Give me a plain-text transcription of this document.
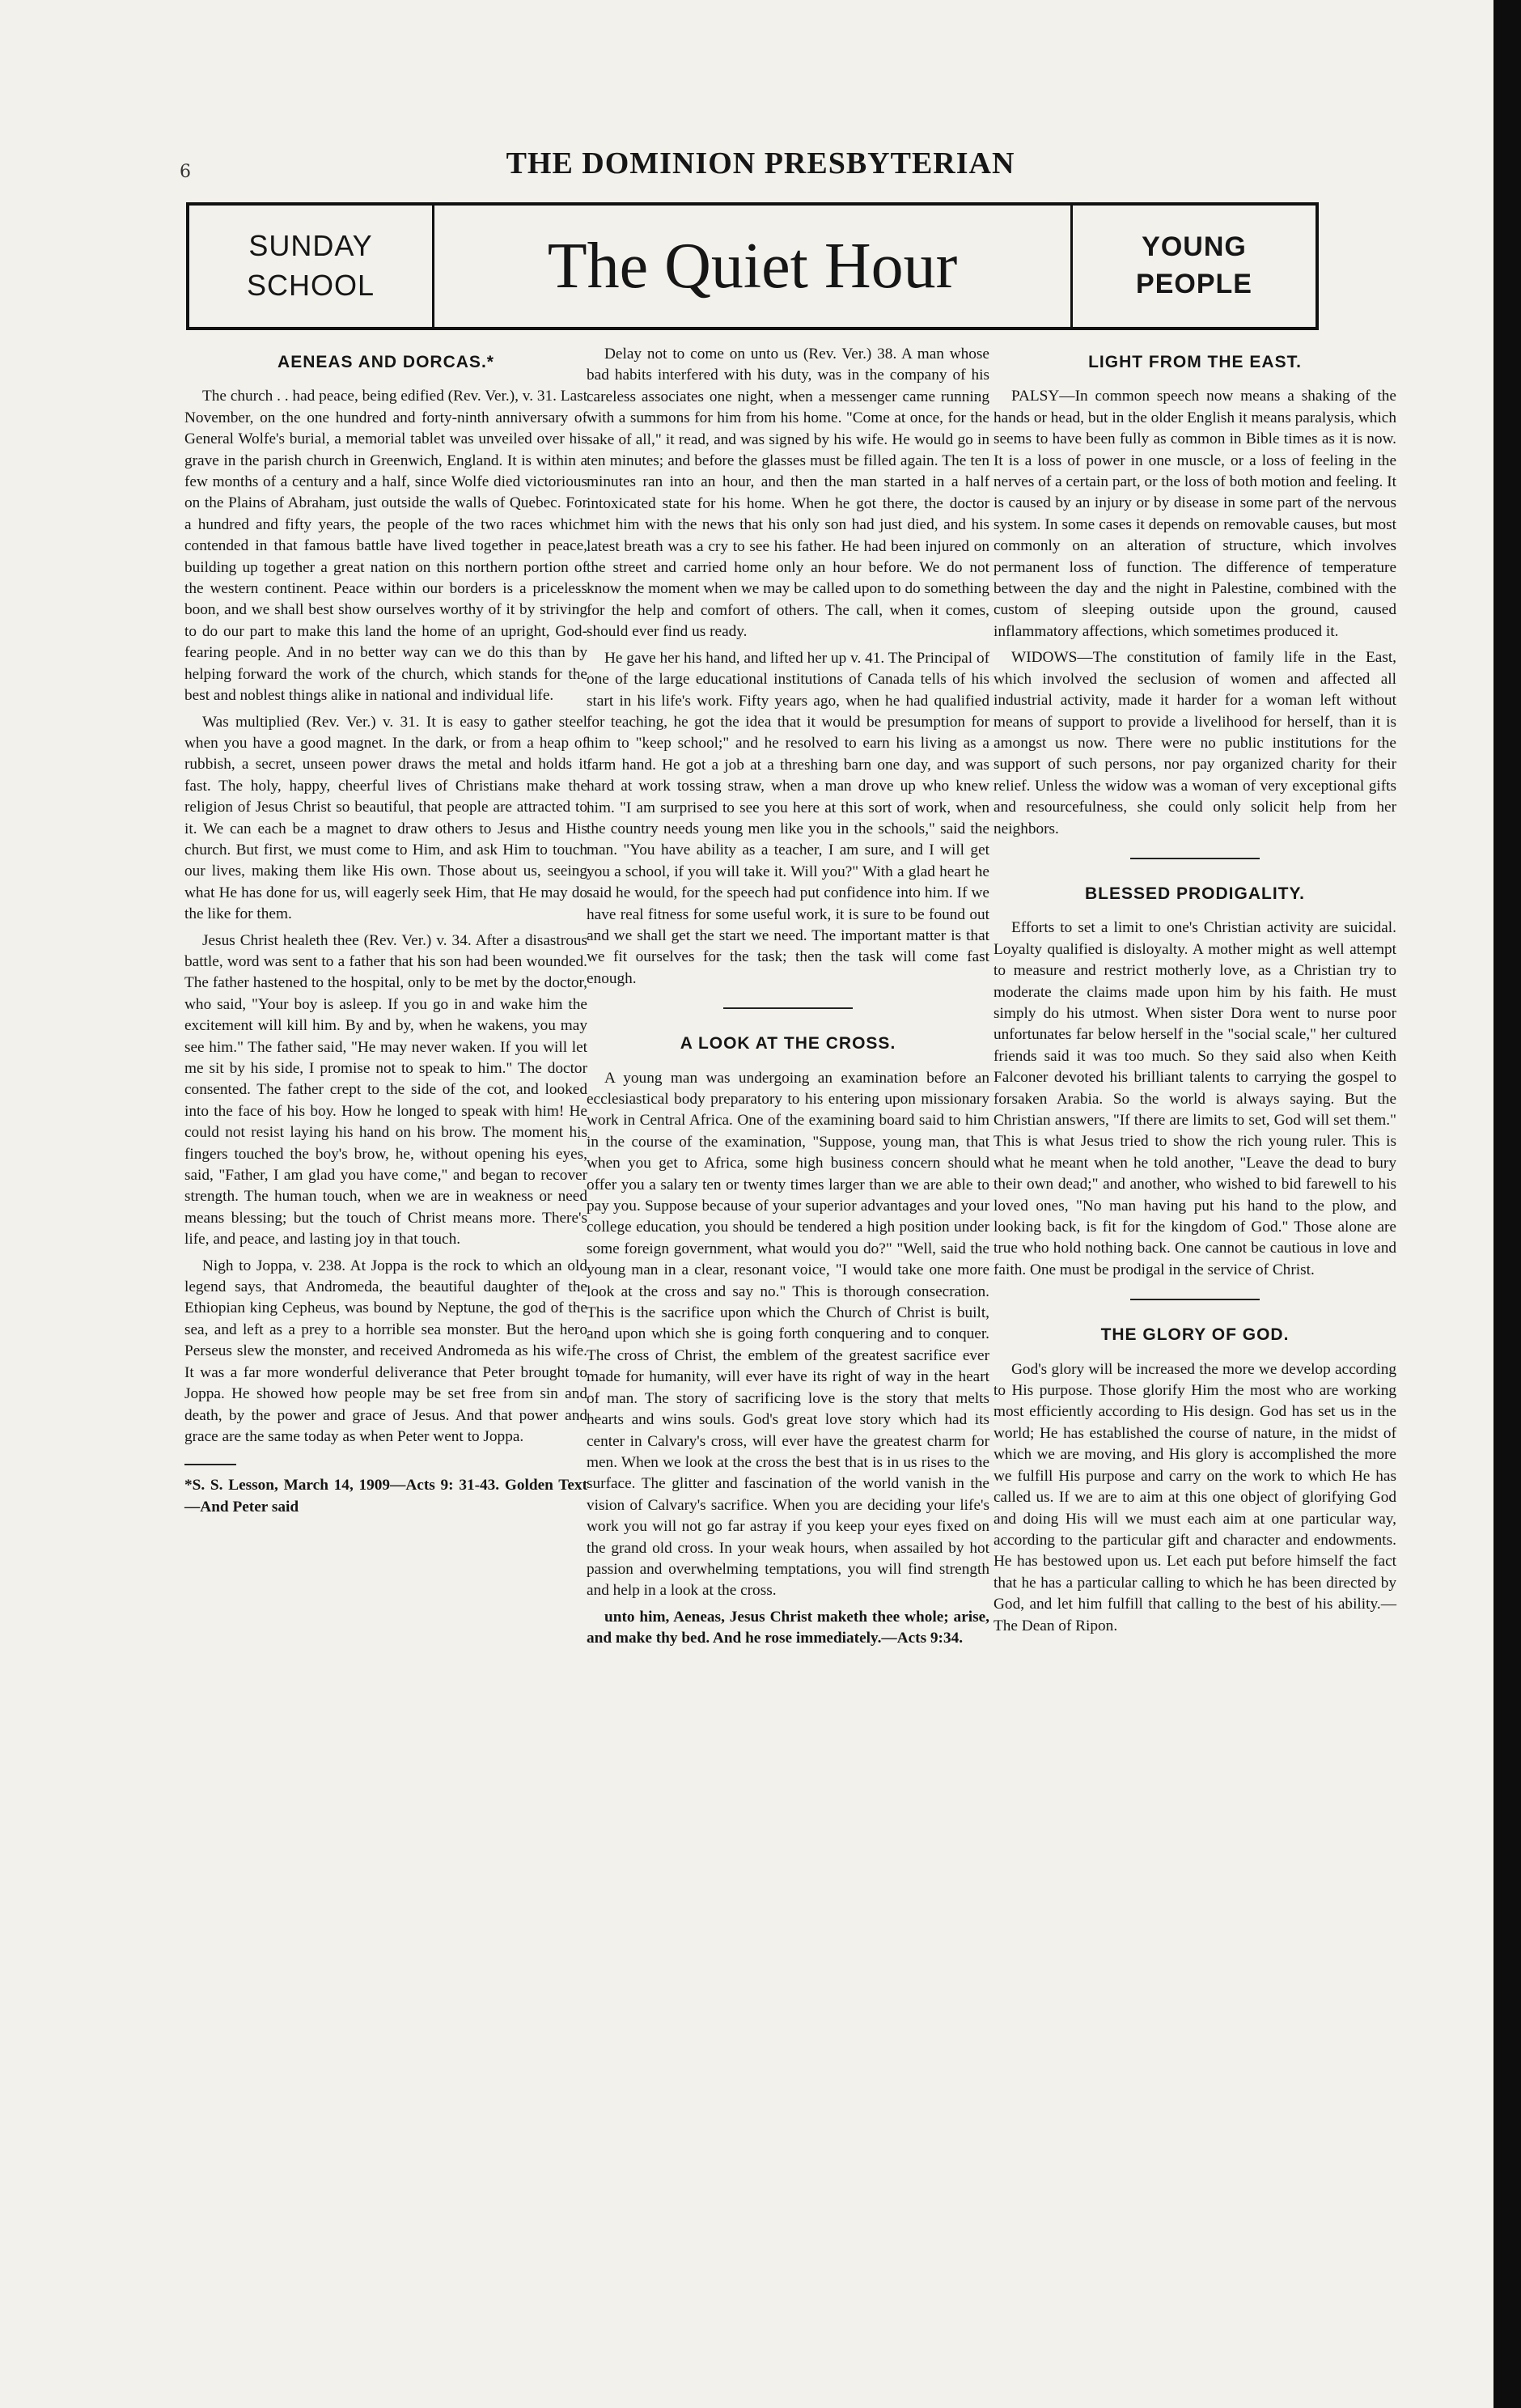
6	THE DOMINION PRESBYTERIAN
SUNDAY
SCHOOL	The Quiet Hour	YOUNG
PEOPLE
AENEAS AND DORCAS.*

The church . . had peace, being edified (Rev. Ver.), v. 31. Last November, on the one hundred and forty-ninth anniversary of General Wolfe's burial, a memorial tablet was unveiled over his grave in the parish church in Greenwich, England. It is within a few months of a century and a half, since Wolfe died victorious on the Plains of Abraham, just outside the walls of Quebec. For a hundred and fifty years, the people of the two races which contended in that famous battle have lived together in peace, building up together a great nation on this northern portion of the western continent. Peace within our borders is a priceless boon, and we shall best show ourselves worthy of it by striving to do our part to make this land the home of an upright, God-fearing people. And in no better way can we do this than by helping forward the work of the church, which stands for the best and noblest things alike in national and individual life.

Was multiplied (Rev. Ver.) v. 31. It is easy to gather steel when you have a good magnet. In the dark, or from a heap of rubbish, a secret, unseen power draws the metal and holds it fast. The holy, happy, cheerful lives of Christians make the religion of Jesus Christ so beautiful, that people are attracted to it. We can each be a magnet to draw others to Jesus and His church. But first, we must come to Him, and ask Him to touch our lives, making them like His own. Those about us, seeing what He has done for us, will eagerly seek Him, that He may do the like for them.

Jesus Christ healeth thee (Rev. Ver.) v. 34. After a disastrous battle, word was sent to a father that his son had been wounded. The father hastened to the hospital, only to be met by the doctor, who said, "Your boy is asleep. If you go in and wake him the excitement will kill him. By and by, when he wakens, you may see him." The father said, "He may never waken. If you will let me sit by his side, I promise not to speak to him." The doctor consented. The father crept to the side of the cot, and looked into the face of his boy. How he longed to speak with him! He could not resist laying his hand on his brow. The moment his fingers touched the boy's brow, he, without opening his eyes, said, "Father, I am glad you have come," and began to recover strength. The human touch, when we are in weakness or need means blessing; but the touch of Christ means more. There's life, and peace, and lasting joy in that touch.

Nigh to Joppa, v. 238. At Joppa is the rock to which an old legend says, that Andromeda, the beautiful daughter of the Ethiopian king Cepheus, was bound by Neptune, the god of the sea, and left as a prey to a horrible sea monster. But the hero Perseus slew the monster, and received Andromeda as his wife. It was a far more wonderful deliverance that Peter brought to Joppa. He showed how people may be set free from sin and death, by the power and grace of Jesus. And that power and grace are the same today as when Peter went to Joppa.

*S. S. Lesson, March 14, 1909—Acts 9: 31-43. Golden Text—And Peter said

Delay not to come on unto us (Rev. Ver.) 38. A man whose bad habits interfered with his duty, was in the company of his careless associates one night, when a messenger came running with a summons for him from his home. "Come at once, for the sake of all," it read, and was signed by his wife. He would go in ten minutes; and before the glasses must be filled again. The ten minutes ran into an hour, and then the man started in a half intoxicated state for his home. When he got there, the doctor met him with the news that his only son had just died, and his latest breath was a cry to see his father. He had been injured on the street and carried home only an hour before. We do not know the moment when we may be called upon to do something for the help and comfort of others. The call, when it comes, should ever find us ready.

He gave her his hand, and lifted her up v. 41. The Principal of one of the large educational institutions of Canada tells of his start in his life's work. Fifty years ago, when he had qualified for teaching, he got the idea that it would be presumption for him to "keep school;" and he resolved to earn his living as a farm hand. He got a job at a threshing barn one day, and was hard at work tossing straw, when a man drove up who knew him. "I am surprised to see you here at this sort of work, when the country needs young men like you in the schools," said the man. "You have ability as a teacher, I am sure, and I will get you a school, if you will take it. Will you?" With a glad heart he said he would, for the speech had put confidence into him. If we have real fitness for some useful work, it is sure to be found out and we shall get the start we need. The important matter is that we fit ourselves for the task; then the task will come fast enough.

A LOOK AT THE CROSS.

A young man was undergoing an examination before an ecclesiastical body preparatory to his entering upon missionary work in Central Africa. One of the examining board said to him in the course of the examination, "Suppose, young man, that when you get to Africa, some high business concern should offer you a salary ten or twenty times larger than we are able to pay you. Suppose because of your superior advantages and your college education, you should be tendered a high position under some foreign government, what would you do?" "Well, said the young man in a clear, resonant voice, "I would take one more look at the cross and say no." This is thorough consecration. This is the sacrifice upon which the Church of Christ is built, and upon which she is going forth conquering and to conquer. The cross of Christ, the emblem of the greatest sacrifice ever made for humanity, will ever have its right of way in the heart of man. The story of sacrificing love is the story that melts hearts and wins souls. God's great love story which had its center in Calvary's cross, will ever have the greatest charm for men. When we look at the cross the best that is in us rises to the surface. The glitter and fascination of the world vanish in the vision of Calvary's sacrifice. When you are deciding your life's work you will not go far astray if you keep your eyes fixed on the grand old cross. In your weak hours, when assailed by hot passion and overwhelming temptations, you will find strength and help in a look at the cross.

unto him, Aeneas, Jesus Christ maketh thee whole; arise, and make thy bed. And he rose immediately.—Acts 9:34.

LIGHT FROM THE EAST.

PALSY—In common speech now means a shaking of the hands or head, but in the older English it means paralysis, which seems to have been fully as common in Bible times as it is now. It is a loss of power in one muscle, or a loss of feeling in the nerves of a certain part, or the loss of both motion and feeling. It is caused by an injury or by disease in some part of the nervous system. In some cases it depends on removable causes, but most commonly on an alteration of structure, which involves permanent loss of function. The difference of temperature between the day and the night in Palestine, combined with the custom of sleeping outside upon the ground, caused inflammatory affections, which sometimes produced it.

WIDOWS—The constitution of family life in the East, which involved the seclusion of women and affected all industrial activity, made it harder for a woman left without means of support to provide a livelihood for herself, than it is amongst us now. There were no public institutions for the support of such persons, nor pay organized charity for their relief. Unless the widow was a woman of very exceptional gifts and resourcefulness, she could only solicit help from her neighbors.

BLESSED PRODIGALITY.

Efforts to set a limit to one's Christian activity are suicidal. Loyalty qualified is disloyalty. A mother might as well attempt to measure and restrict motherly love, as a Christian try to moderate the claims made upon him by his faith. He must simply do his utmost. When sister Dora went to nurse poor unfortunates far below herself in the "social scale," her cultured friends said it was too much. So they said also when Keith Falconer devoted his brilliant talents to carrying the gospel to forsaken Arabia. So the world is always saying. But the Christian answers, "If there are limits to set, God will set them." This is what Jesus tried to show the rich young ruler. This is what he meant when he told another, "Leave the dead to bury their own dead;" and another, who wished to bid farewell to his loved ones, "No man having put his hand to the plow, and looking back, is fit for the kingdom of God." Those alone are true who hold nothing back. One cannot be cautious in love and faith. One must be prodigal in the service of Christ.

THE GLORY OF GOD.

God's glory will be increased the more we develop according to His purpose. Those glorify Him the most who are working most efficiently according to His design. God has set us in the world; He has established the course of nature, in the midst of which we are moving, and His glory is accomplished the more we fulfill His purpose and carry on the work to which He has called us. If we are to aim at this one object of glorifying God and doing His will we must each aim at one particular way, according to the particular gift and character and endowments. He has bestowed upon us. Let each put before himself the fact that he has a particular calling to which he has been directed by God, and let him fulfill that calling to the best of his ability.—The Dean of Ripon.
